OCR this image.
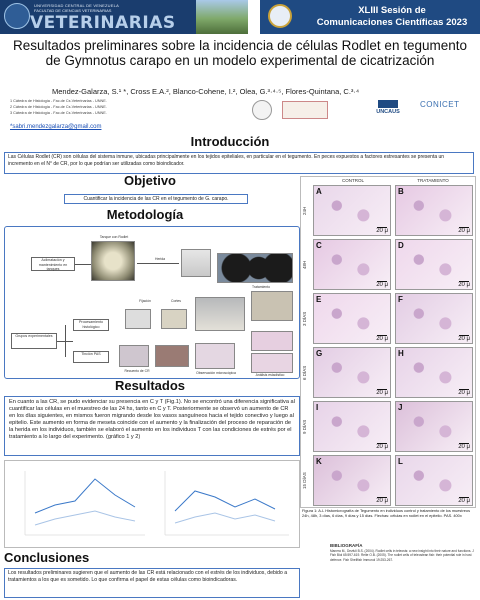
UNIVERSIDAD CENTRAL DE VENEZUELA
FACULTAD DE CIENCIAS VETERINARIAS
VETERINARIAS
XLIII Sesión de
Comunicaciones Científicas 2023
Resultados preliminares sobre la incidencia de células Rodlet en tegumento de Gymnotus carapo en un modelo experimental de cicatrización
Mendez-Galarza, S.¹ *, Cross E.A.², Blanco-Cohene, I.², Olea, G.³·⁴·⁵, Flores-Quintana, C.³·⁴
1 Cátedra de Histología - Fac.de Cs.Veterinarias - UNNE.
2 Cátedra de Histología - Fac.de Cs.Veterinarias - UNNE.
3 Cátedra de Histología - Fac.de Cs.Veterinarias - UNNE.
*sabri.mendezgalarza@gmail.com
UNCAUS
CONICET
Introducción
Las Células Rodlet (CR) son células del sistema inmune, ubicadas principalmente en los tejidos epiteliales, en particular en el tegumento. En peces expuestos a factores estresantes se presenta un incremento en el N° de CR, por lo que podrían ser utilizadas como bioindicador.
Objetivo
Cuantificar la incidencia de las CR en el tegumento de G. carapo.
Metodología
Tanque con Rodlet
Aclimatación y mantenimiento en tanques
Herida
Tratamiento
Grupos experimentales
Procesamiento histológico
Fijación	Cortes
Tinción PAS
Recuento de CR	Observación microscópica	Análisis estadístico
Resultados
En cuanto a las CR, se pudo evidenciar su presencia en C y T (Fig.1). No se encontró una diferencia significativa al cuantificar las células en el muestreo de las 24 hs, tanto en C y T. Posteriormente se observó un aumento de CR en los días siguientes, en mismos fueron migrando desde los vasos sanguíneos hacia el tejido conectivo y luego al epitelio. Este aumento en forma de meseta coincide con el aumento y la finalización del proceso de reparación de la herida en los individuos, también se elaboró el aumento en los individuos T con las condiciones de estrés por el tratamiento a lo largo del experimento. (gráfico 1 y 2)
Conclusiones
Los resultados preliminares sugieren que el aumento de las CR está relacionado con el estrés de los individuos, debido a tratamientos a los que es sometido. Lo que confirma el papel de estas células como bioindicadoras.
CONTROL	TRATAMIENTO
24H
48H
3 DÍAS
6 DÍAS
9 DÍAS
15 DÍAS
A
20 μ
B
20 μ
C
20 μ
D
20 μ
E
20 μ
F
20 μ
G
20 μ
H
20 μ
I
20 μ
J
20 μ
K
20 μ
L
20 μ
Figura 1: A-L Histomicrografía de Tegumento en individuos control y tratamiento de los muestreos 24h, 48h, 3 días, 6 días, 9 días y 15 días. Flechas: células en rodlet en el epitelio. PAS. 400x
BIBLIOGRAFÍA
Manera M., Dezfuli B.S. (2004). Rodlet cells in teleosts: a new insight into their nature and functions. J Fish Biol 65:597-619. Reite O.B. (2005). The rodlet cells of teleostean fish: their potential role in host defence. Fish Shellfish Immunol 19:253-267.
